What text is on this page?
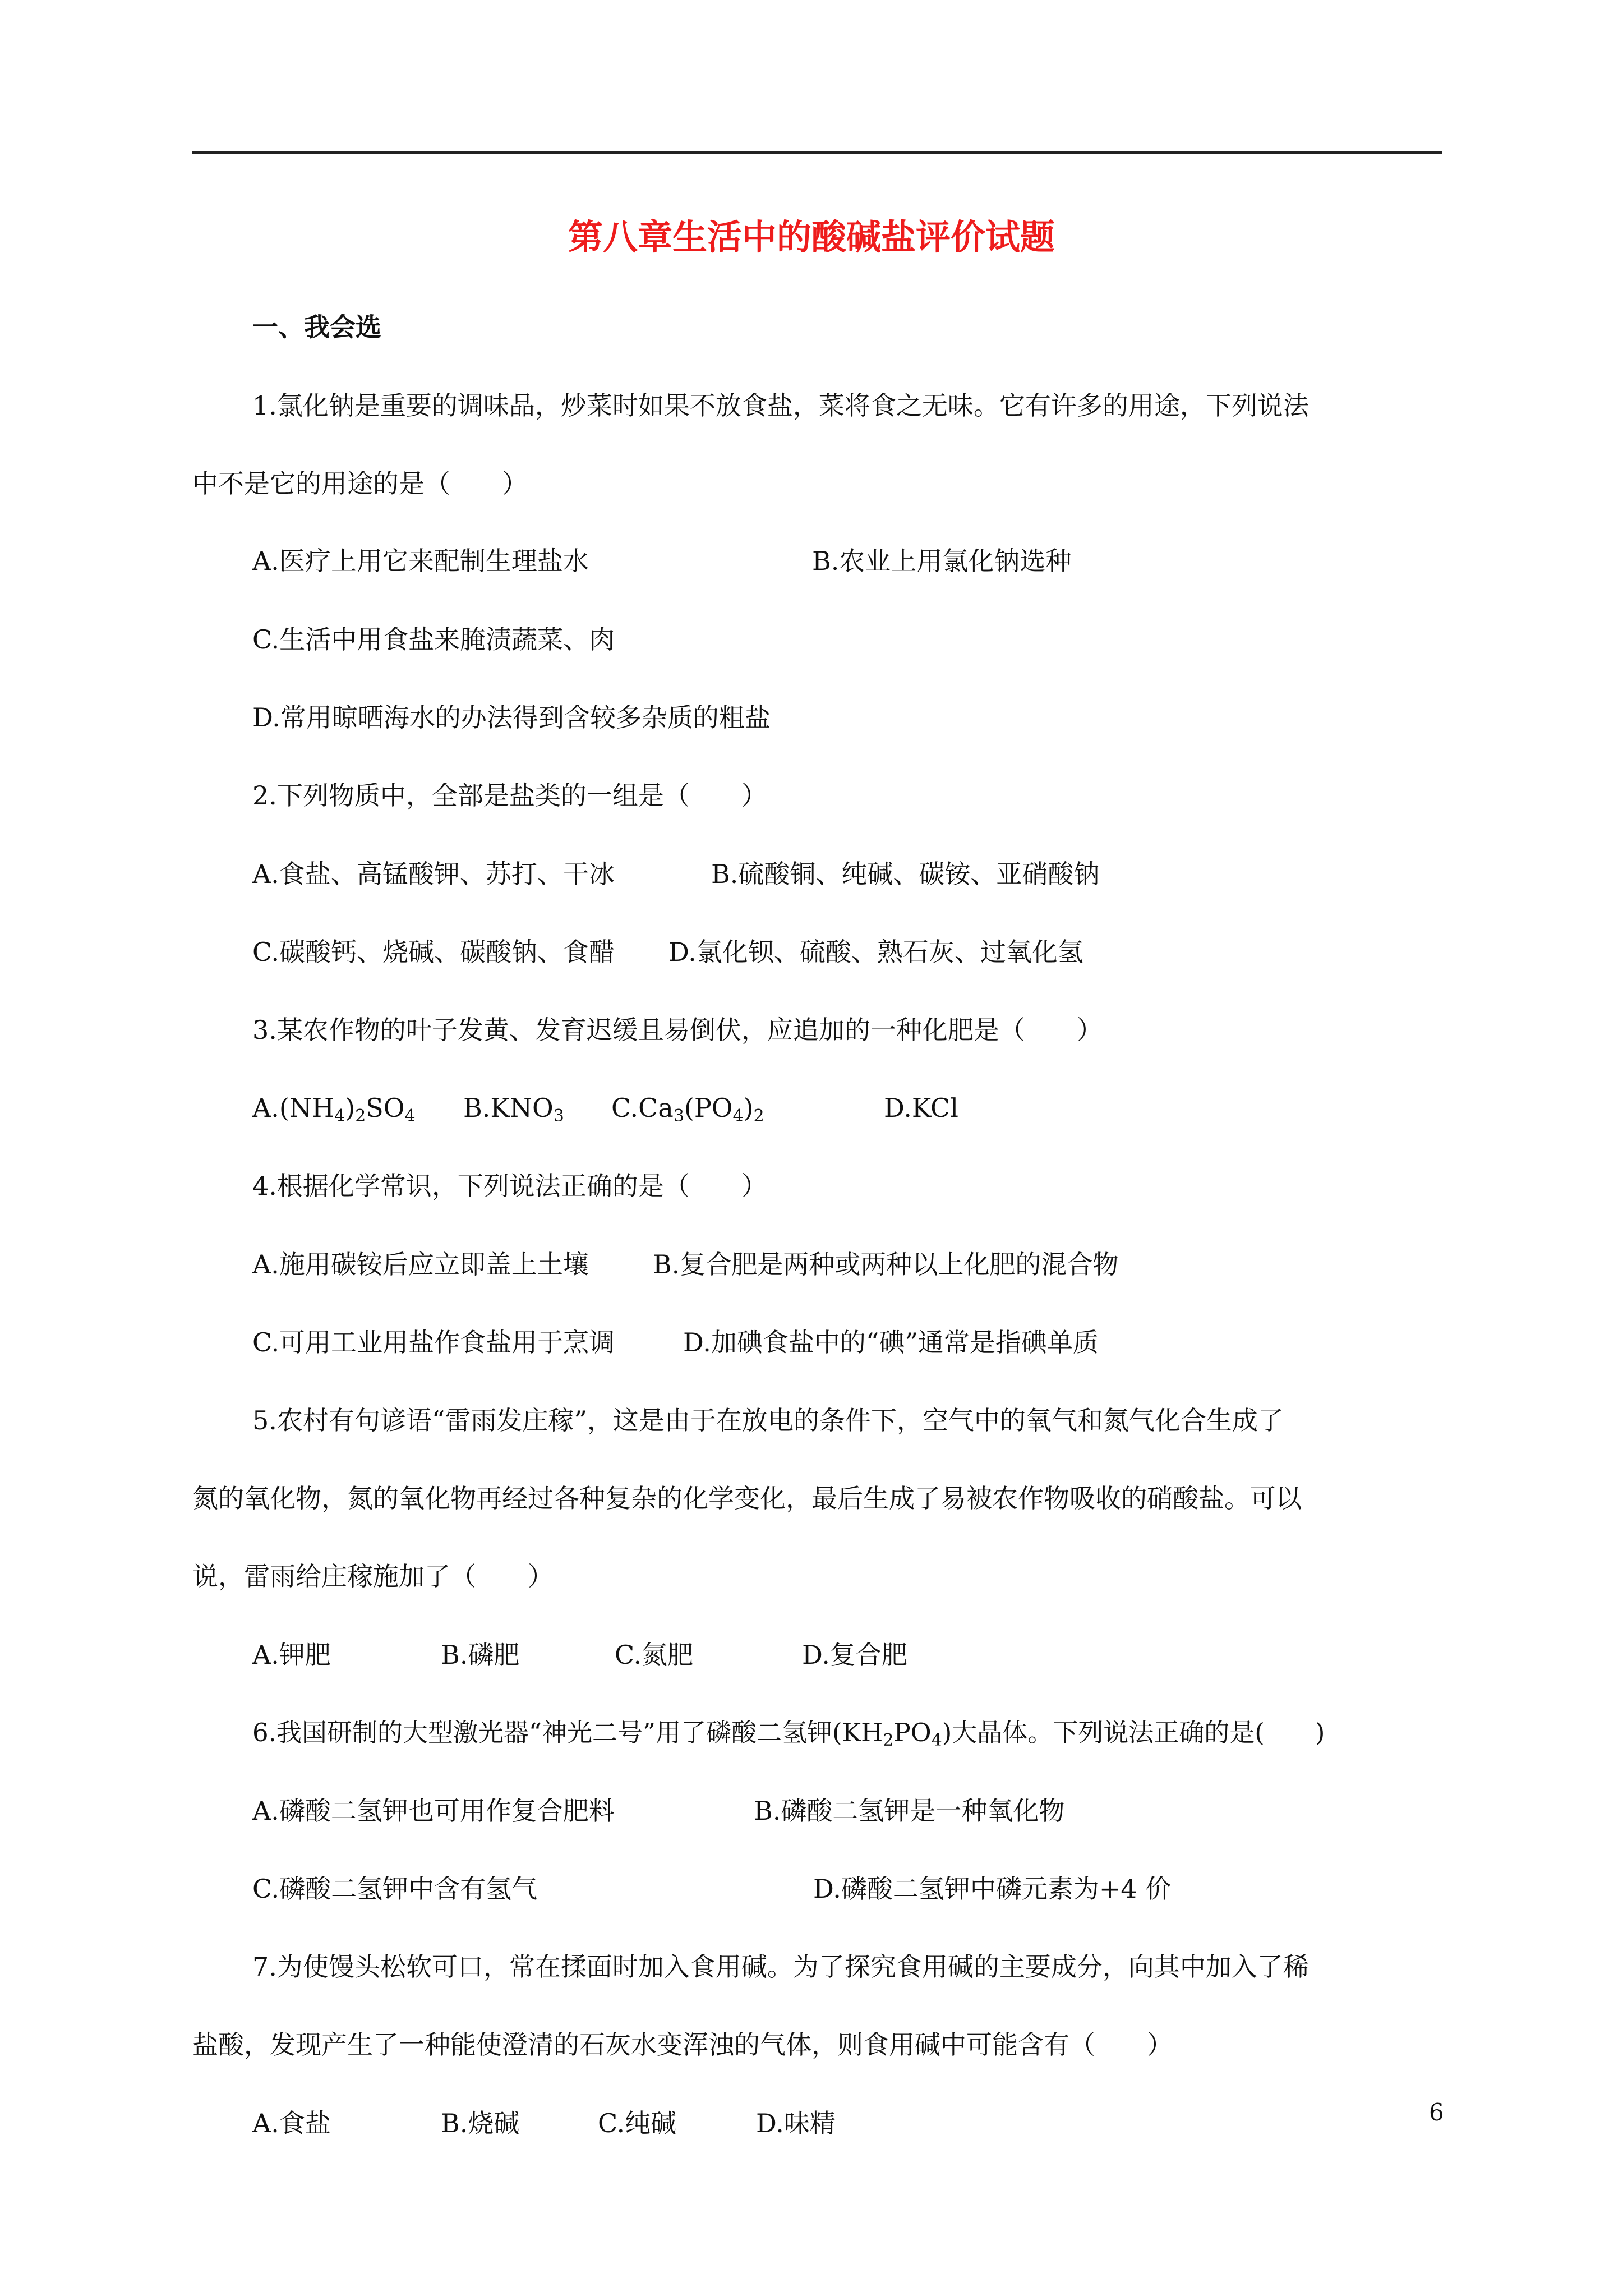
第八章生活中的酸碱盐评价试题
一、我会选
1.氯化钠是重要的调味品，炒菜时如果不放食盐，菜将食之无味。它有许多的用途，下列说法
中不是它的用途的是（　　）
A.医疗上用它来配制生理盐水	B.农业上用氯化钠选种
C.生活中用食盐来腌渍蔬菜、肉
D.常用晾晒海水的办法得到含较多杂质的粗盐
2.下列物质中，全部是盐类的一组是（　　）
A.食盐、高锰酸钾、苏打、干冰	B.硫酸铜、纯碱、碳铵、亚硝酸钠
C.碳酸钙、烧碱、碳酸钠、食醋 D.氯化钡、硫酸、熟石灰、过氧化氢
3.某农作物的叶子发黄、发育迟缓且易倒伏，应追加的一种化肥是（　　）
$A.(NH_4)_2SO_4$ $B.KNO_3$ $C.Ca_3(PO_4)_2$	D.KCl
4.根据化学常识，下列说法正确的是（　　）
A.施用碳铵后应立即盖上土壤 B.复合肥是两种或两种以上化肥的混合物
C.可用工业用盐作食盐用于烹调	D.加碘食盐中的“碘”通常是指碘单质
5.农村有句谚语“雷雨发庄稼”，这是由于在放电的条件下，空气中的氧气和氮气化合生成了
氮的氧化物，氮的氧化物再经过各种复杂的化学变化，最后生成了易被农作物吸收的硝酸盐。可以
说，雷雨给庄稼施加了（　　）
A.钾肥	B.磷肥	C.氮肥	D.复合肥
6.我国研制的大型激光器“神光二号”用了磷酸二氢钾$(KH_2PO_4)$大晶体。下列说法正确的是(　　)
A.磷酸二氢钾也可用作复合肥料	B.磷酸二氢钾是一种氧化物
C.磷酸二氢钾中含有氢气	D.磷酸二氢钾中磷元素为+4 价
7.为使馒头松软可口，常在揉面时加入食用碱。为了探究食用碱的主要成分，向其中加入了稀
盐酸，发现产生了一种能使澄清的石灰水变浑浊的气体，则食用碱中可能含有（　　）
A.食盐	B.烧碱	C.纯碱	D.味精	6
